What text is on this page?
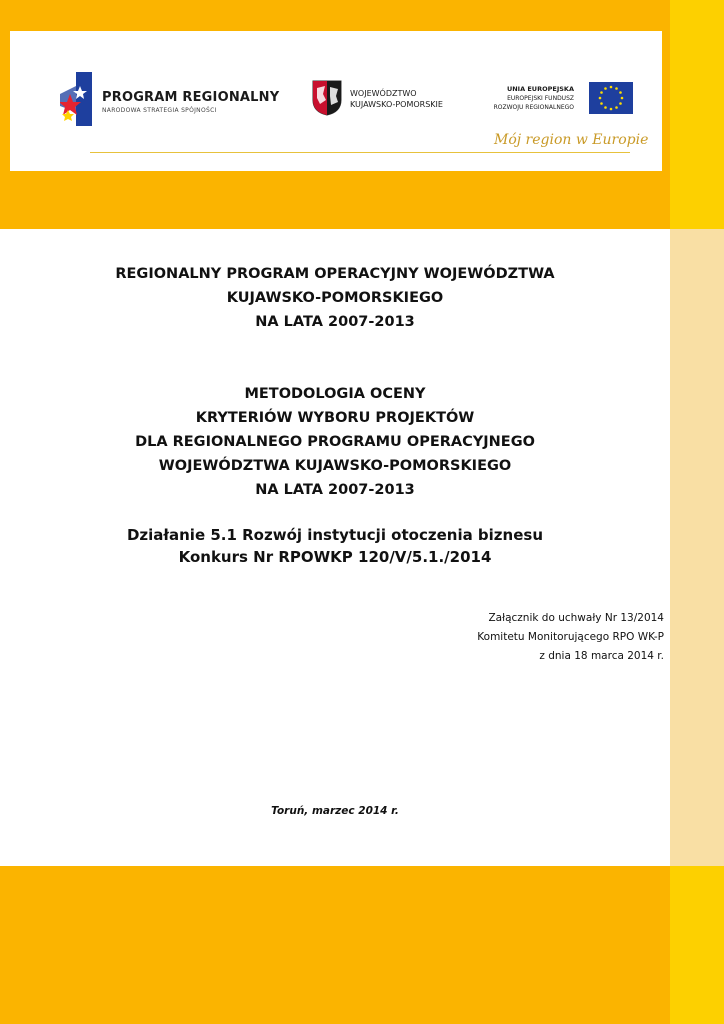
PROGRAM REGIONALNY
NARODOWA STRATEGIA SPÓJNOŚCI
WOJEWÓDZTWO
KUJAWSKO-POMORSKIE
UNIA EUROPEJSKA
EUROPEJSKI FUNDUSZ
ROZWOJU REGIONALNEGO
Mój region w Europie
REGIONALNY PROGRAM OPERACYJNY WOJEWÓDZTWA
KUJAWSKO-POMORSKIEGO
NA LATA 2007-2013
METODOLOGIA OCENY
KRYTERIÓW WYBORU PROJEKTÓW
DLA REGIONALNEGO PROGRAMU OPERACYJNEGO
WOJEWÓDZTWA KUJAWSKO-POMORSKIEGO
NA LATA 2007-2013
Działanie 5.1 Rozwój instytucji otoczenia biznesu
Konkurs Nr RPOWKP 120/V/5.1./2014
Załącznik do uchwały Nr 13/2014
Komitetu Monitorującego RPO WK-P
z dnia 18 marca 2014 r.
Toruń, marzec 2014 r.
